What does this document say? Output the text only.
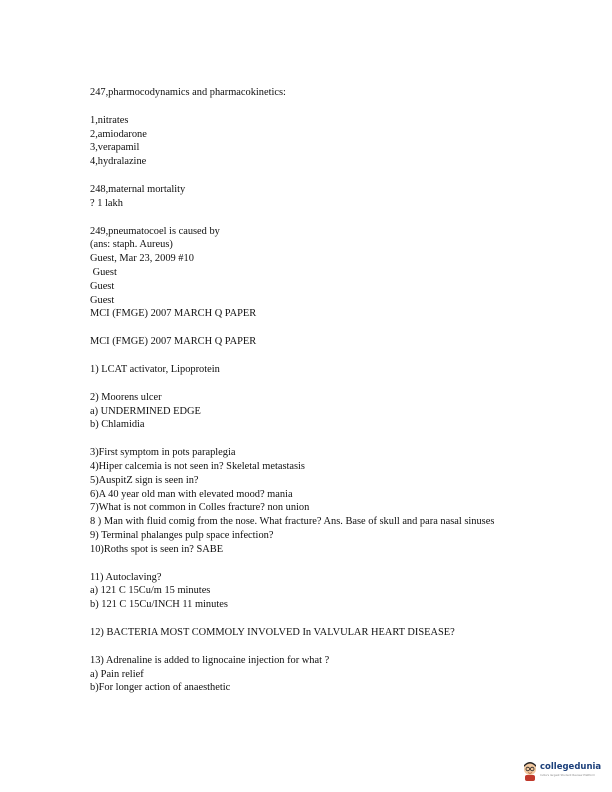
247,pharmocodynamics and pharmacokinetics:
1,nitrates
2,amiodarone
3,verapamil
4,hydralazine
248,maternal mortality
? 1 lakh
249,pneumatocoel is caused by
(ans: staph. Aureus)
Guest, Mar 23, 2009 #10
Guest
Guest
Guest
MCI (FMGE) 2007 MARCH Q PAPER
MCI (FMGE) 2007 MARCH Q PAPER
1) LCAT activator, Lipoprotein
2) Moorens ulcer
a) UNDERMINED EDGE
b) Chlamidia
3)First symptom in pots paraplegia
4)Hiper calcemia is not seen in? Skeletal metastasis
5)AuspitZ sign is seen in?
6)A 40 year old man with elevated mood? mania
7)What is not common in Colles fracture? non union
8 ) Man with fluid comig from the nose. What fracture? Ans. Base of skull and para nasal sinuses
9) Terminal phalanges pulp space infection?
10)Roths spot is seen in? SABE
11) Autoclaving?
a) 121 C 15Cu/m 15 minutes
b) 121 C 15Cu/INCH 11 minutes
12) BACTERIA MOST COMMOLY INVOLVED In VALVULAR HEART DISEASE?
13) Adrenaline is added to lignocaine injection for what ?
a) Pain relief
b)For longer action of anaesthetic
collegedunia
India's largest Student Review Platform
